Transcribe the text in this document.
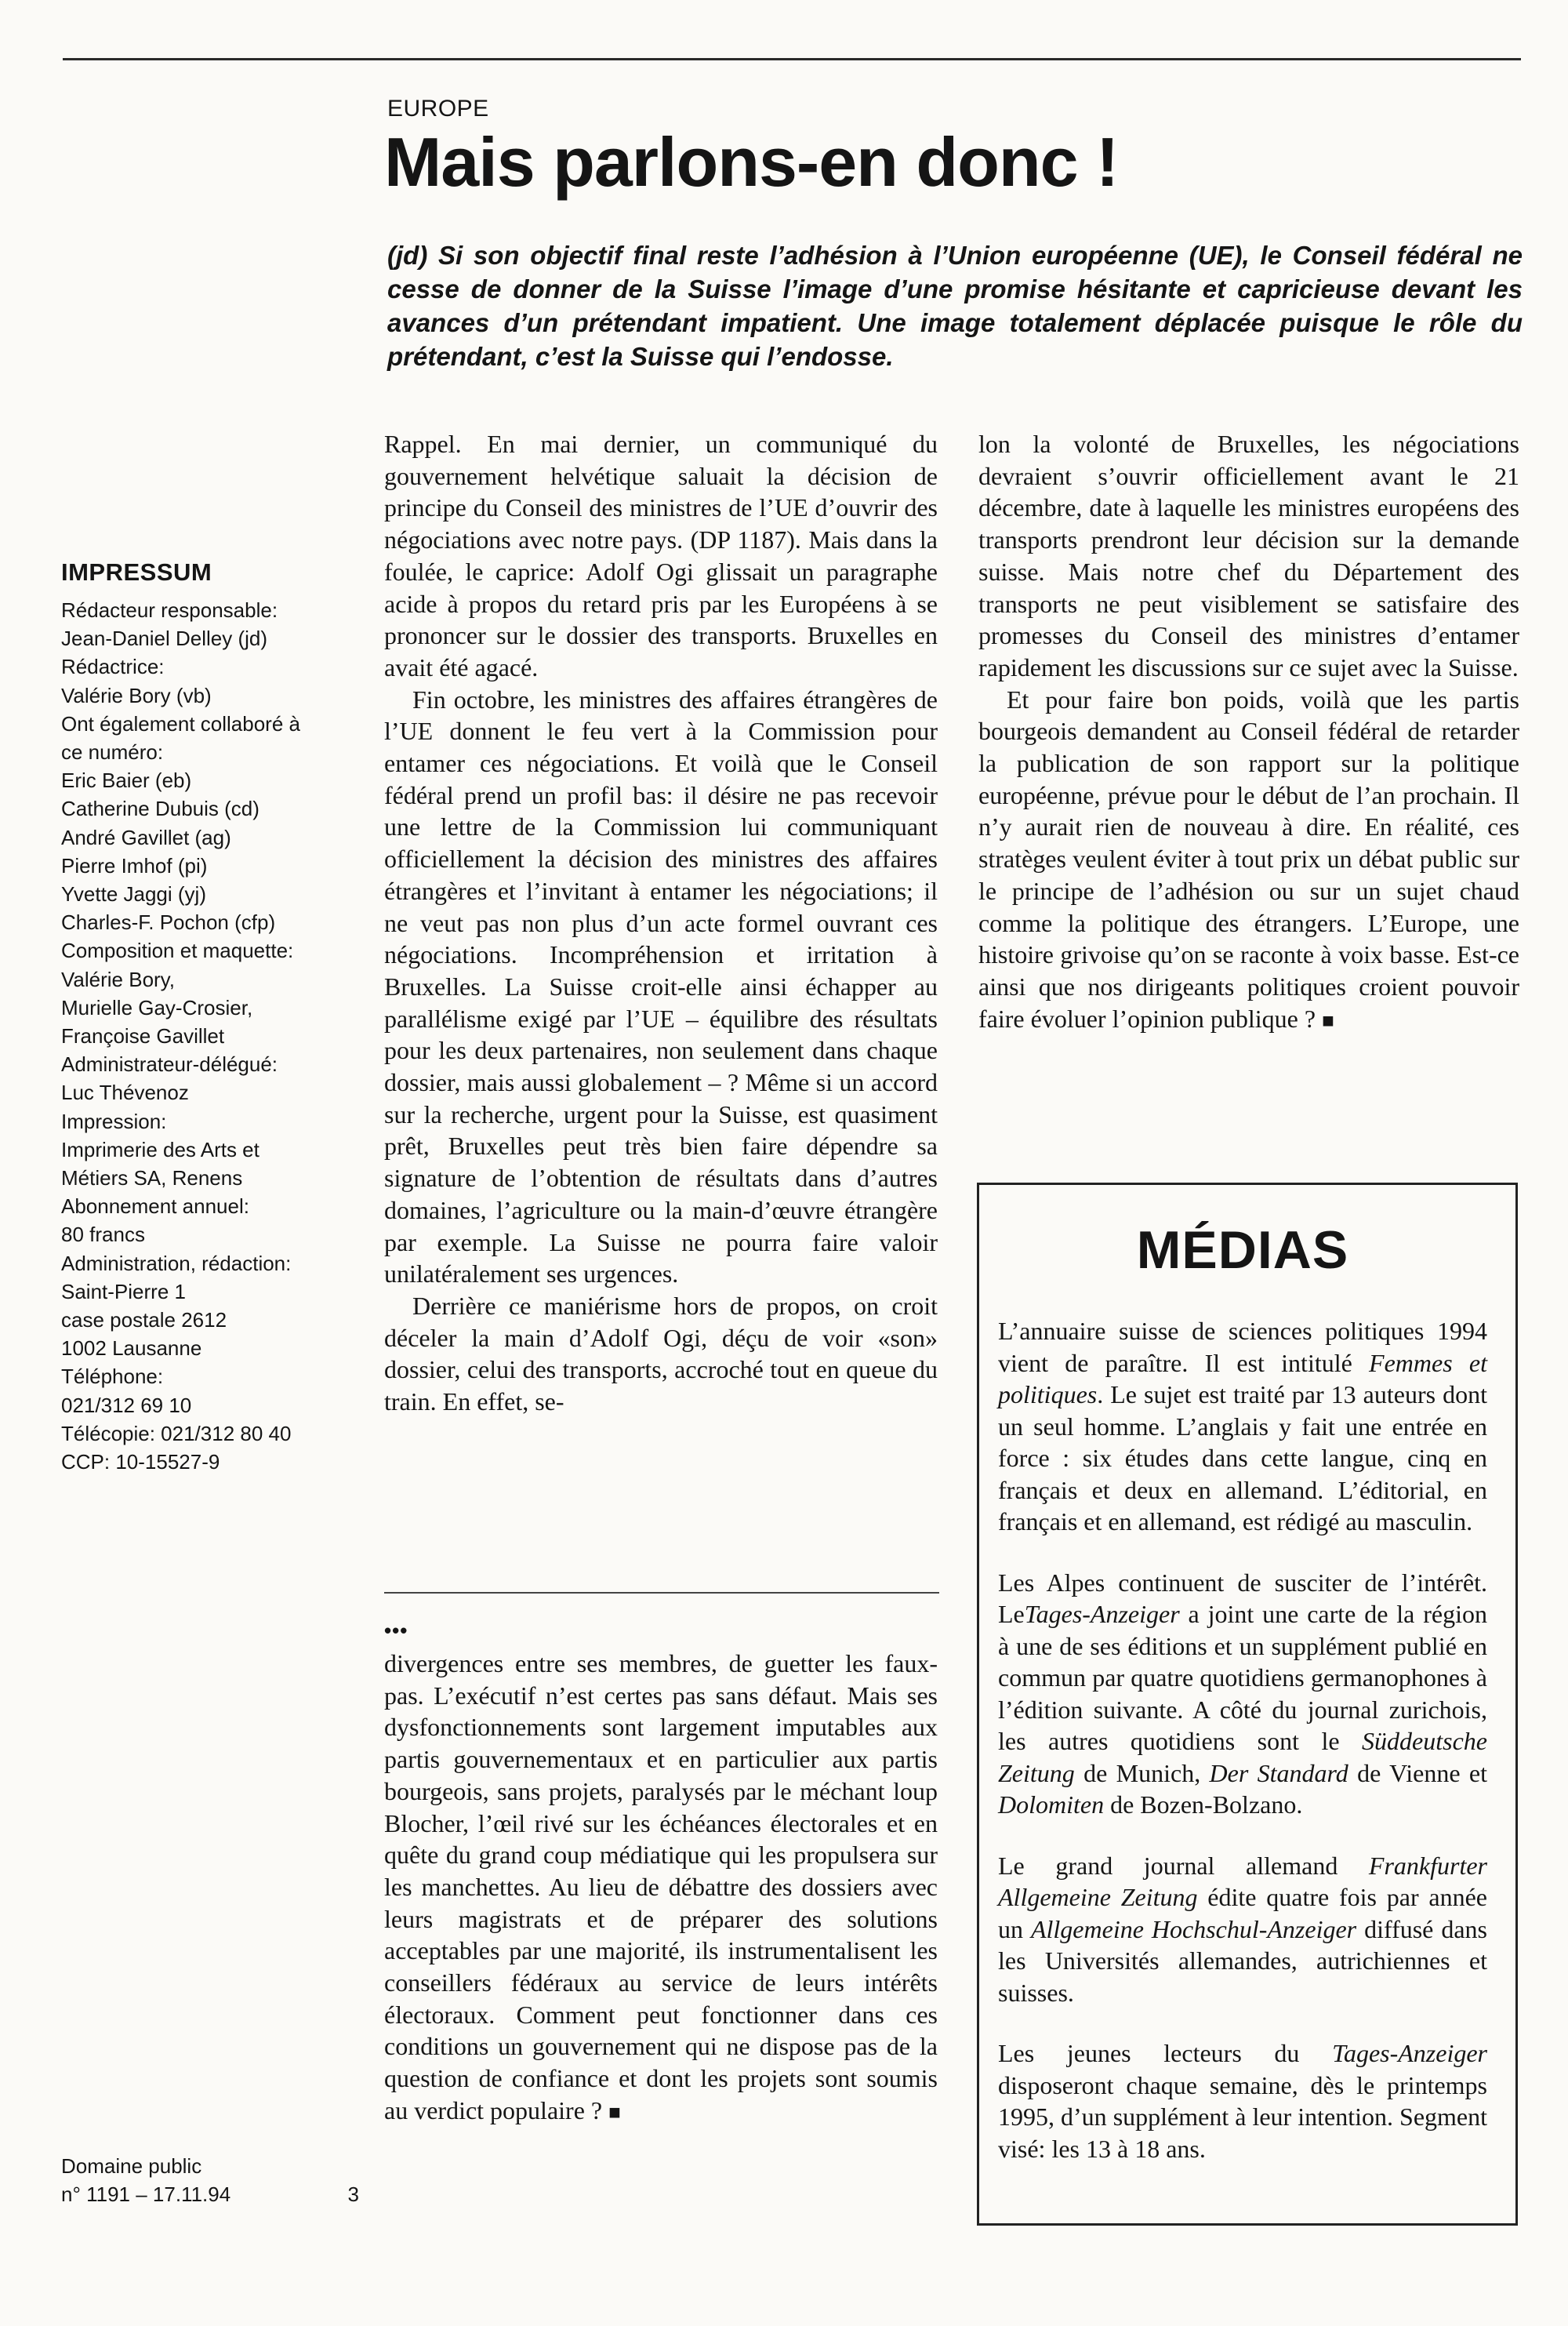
EUROPE
Mais parlons-en donc !

(jd) Si son objectif final reste l’adhésion à l’Union européenne (UE), le Conseil fédéral ne cesse de donner de la Suisse l’image d’une promise hésitante et capricieuse devant les avances d’un prétendant impatient. Une image totalement déplacée puisque le rôle du prétendant, c’est la Suisse qui l’endosse.

IMPRESSUM
Rédacteur responsable:
Jean-Daniel Delley (jd)
Rédactrice:
Valérie Bory (vb)
Ont également collaboré à
ce numéro:
Eric Baier (eb)
Catherine Dubuis (cd)
André Gavillet (ag)
Pierre Imhof (pi)
Yvette Jaggi (yj)
Charles-F. Pochon (cfp)
Composition et maquette:
Valérie Bory,
Murielle Gay-Crosier,
Françoise Gavillet
Administrateur-délégué:
Luc Thévenoz
Impression:
Imprimerie des Arts et
Métiers SA, Renens
Abonnement annuel:
80 francs
Administration, rédaction:
Saint-Pierre 1
case postale 2612
1002 Lausanne
Téléphone:
021/312 69 10
Télécopie: 021/312 80 40
CCP: 10-15527-9
Domaine public
n° 1191 – 17.11.94	3

Rappel. En mai dernier, un communiqué du gouvernement helvétique saluait la décision de principe du Conseil des ministres de l’UE d’ouvrir des négociations avec notre pays. (DP 1187). Mais dans la foulée, le caprice: Adolf Ogi glissait un paragraphe acide à propos du retard pris par les Européens à se prononcer sur le dossier des transports. Bruxelles en avait été agacé.

Fin octobre, les ministres des affaires étrangères de l’UE donnent le feu vert à la Commission pour entamer ces négociations. Et voilà que le Conseil fédéral prend un profil bas: il désire ne pas recevoir une lettre de la Commission lui communiquant officiellement la décision des ministres des affaires étrangères et l’invitant à entamer les négociations; il ne veut pas non plus d’un acte formel ouvrant ces négociations. Incompréhension et irritation à Bruxelles. La Suisse croit-elle ainsi échapper au parallélisme exigé par l’UE – équilibre des résultats pour les deux partenaires, non seulement dans chaque dossier, mais aussi globalement – ? Même si un accord sur la recherche, urgent pour la Suisse, est quasiment prêt, Bruxelles peut très bien faire dépendre sa signature de l’obtention de résultats dans d’autres domaines, l’agriculture ou la main-d’œuvre étrangère par exemple. La Suisse ne pourra faire valoir unilatéralement ses urgences.

Derrière ce maniérisme hors de propos, on croit déceler la main d’Adolf Ogi, déçu de voir «son» dossier, celui des transports, accroché tout en queue du train. En effet, se-

lon la volonté de Bruxelles, les négociations devraient s’ouvrir officiellement avant le 21 décembre, date à laquelle les ministres européens des transports prendront leur décision sur la demande suisse. Mais notre chef du Département des transports ne peut visiblement se satisfaire des promesses du Conseil des ministres d’entamer rapidement les discussions sur ce sujet avec la Suisse.

Et pour faire bon poids, voilà que les partis bourgeois demandent au Conseil fédéral de retarder la publication de son rapport sur la politique européenne, prévue pour le début de l’an prochain. Il n’y aurait rien de nouveau à dire. En réalité, ces stratèges veulent éviter à tout prix un débat public sur le principe de l’adhésion ou sur un sujet chaud comme la politique des étrangers. L’Europe, une histoire grivoise qu’on se raconte à voix basse. Est-ce ainsi que nos dirigeants politiques croient pouvoir faire évoluer l’opinion publique ? ■

•••

divergences entre ses membres, de guetter les faux-pas. L’exécutif n’est certes pas sans défaut. Mais ses dysfonctionnements sont largement imputables aux partis gouvernementaux et en particulier aux partis bourgeois, sans projets, paralysés par le méchant loup Blocher, l’œil rivé sur les échéances électorales et en quête du grand coup médiatique qui les propulsera sur les manchettes. Au lieu de débattre des dossiers avec leurs magistrats et de préparer des solutions acceptables par une majorité, ils instrumentalisent les conseillers fédéraux au service de leurs intérêts électoraux. Comment peut fonctionner dans ces conditions un gouvernement qui ne dispose pas de la question de confiance et dont les projets sont soumis au verdict populaire ? ■

MÉDIAS

L’annuaire suisse de sciences politiques 1994 vient de paraître. Il est intitulé Femmes et politiques. Le sujet est traité par 13 auteurs dont un seul homme. L’anglais y fait une entrée en force : six études dans cette langue, cinq en français et deux en allemand. L’éditorial, en français et en allemand, est rédigé au masculin.

Les Alpes continuent de susciter de l’intérêt. LeTages-Anzeiger a joint une carte de la région à une de ses éditions et un supplément publié en commun par quatre quotidiens germanophones à l’édition suivante. A côté du journal zurichois, les autres quotidiens sont le Süddeutsche Zeitung de Munich, Der Standard de Vienne et Dolomiten de Bozen-Bolzano.

Le grand journal allemand Frankfurter Allgemeine Zeitung édite quatre fois par année un Allgemeine Hochschul-Anzeiger diffusé dans les Universités allemandes, autrichiennes et suisses.

Les jeunes lecteurs du Tages-Anzeiger disposeront chaque semaine, dès le printemps 1995, d’un supplément à leur intention. Segment visé: les 13 à 18 ans.
